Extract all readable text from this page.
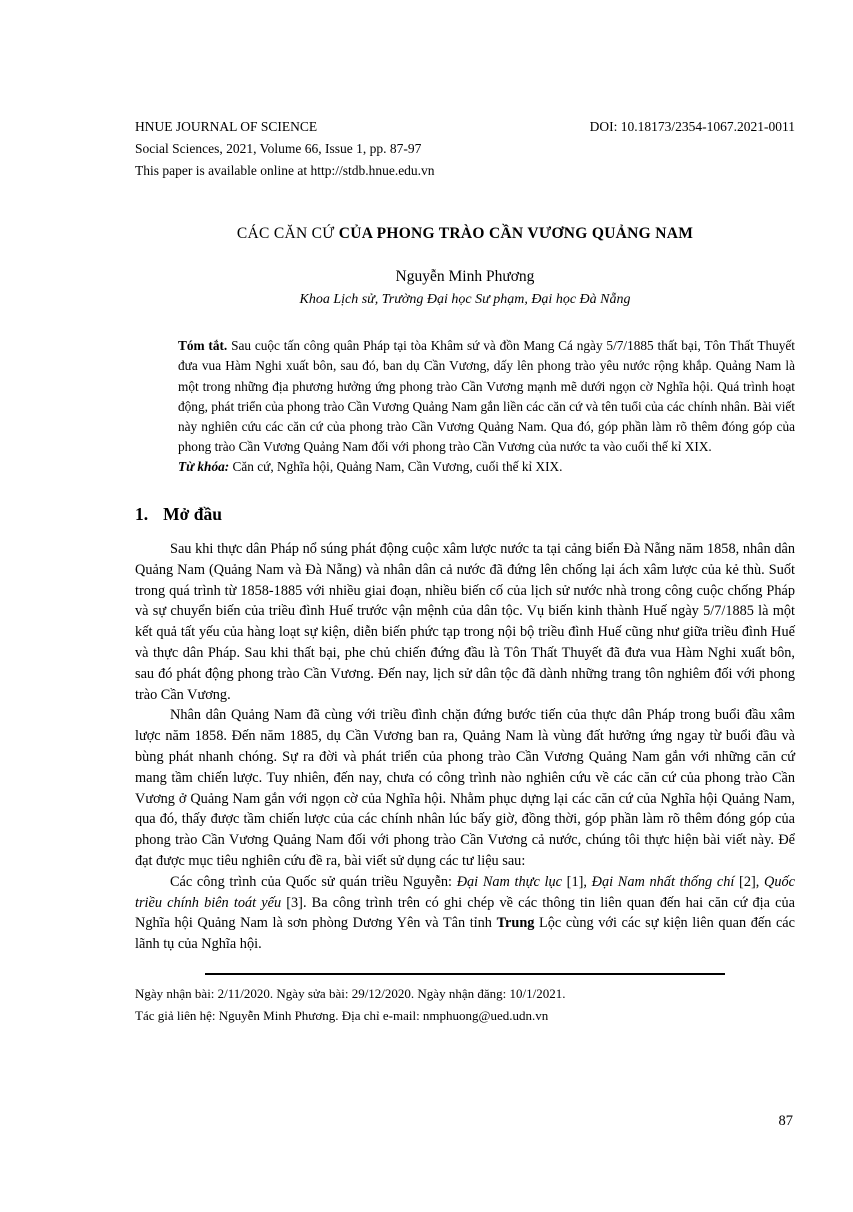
HNUE JOURNAL OF SCIENCE	DOI: 10.18173/2354-1067.2021-0011
Social Sciences, 2021, Volume 66, Issue 1, pp. 87-97
This paper is available online at http://stdb.hnue.edu.vn
CÁC CĂN CỨ CỦA PHONG TRÀO CẦN VƯƠNG QUẢNG NAM
Nguyễn Minh Phương
Khoa Lịch sử, Trường Đại học Sư phạm, Đại học Đà Nẵng
Tóm tắt. Sau cuộc tấn công quân Pháp tại tòa Khâm sứ và đồn Mang Cá ngày 5/7/1885 thất bại, Tôn Thất Thuyết đưa vua Hàm Nghi xuất bôn, sau đó, ban dụ Cần Vương, dấy lên phong trào yêu nước rộng khắp. Quảng Nam là một trong những địa phương hưởng ứng phong trào Cần Vương mạnh mẽ dưới ngọn cờ Nghĩa hội. Quá trình hoạt động, phát triển của phong trào Cần Vương Quảng Nam gắn liền các căn cứ và tên tuổi của các chính nhân. Bài viết này nghiên cứu các căn cứ của phong trào Cần Vương Quảng Nam. Qua đó, góp phần làm rõ thêm đóng góp của phong trào Cần Vương Quảng Nam đối với phong trào Cần Vương của nước ta vào cuối thế kỉ XIX.
Từ khóa: Căn cứ, Nghĩa hội, Quảng Nam, Cần Vương, cuối thế kỉ XIX.
1. Mở đầu

Sau khi thực dân Pháp nổ súng phát động cuộc xâm lược nước ta tại cảng biển Đà Nẵng năm 1858, nhân dân Quảng Nam (Quảng Nam và Đà Nẵng) và nhân dân cả nước đã đứng lên chống lại ách xâm lược của kẻ thù. Suốt trong quá trình từ 1858-1885 với nhiều giai đoạn, nhiều biến cố của lịch sử nước nhà trong công cuộc chống Pháp và sự chuyển biến của triều đình Huế trước vận mệnh của dân tộc. Vụ biến kinh thành Huế ngày 5/7/1885 là một kết quả tất yếu của hàng loạt sự kiện, diễn biến phức tạp trong nội bộ triều đình Huế cũng như giữa triều đình Huế và thực dân Pháp. Sau khi thất bại, phe chủ chiến đứng đầu là Tôn Thất Thuyết đã đưa vua Hàm Nghi xuất bôn, sau đó phát động phong trào Cần Vương. Đến nay, lịch sử dân tộc đã dành những trang tôn nghiêm đối với phong trào Cần Vương.

Nhân dân Quảng Nam đã cùng với triều đình chặn đứng bước tiến của thực dân Pháp trong buổi đầu xâm lược năm 1858. Đến năm 1885, dụ Cần Vương ban ra, Quảng Nam là vùng đất hưởng ứng ngay từ buổi đầu và bùng phát nhanh chóng. Sự ra đời và phát triển của phong trào Cần Vương Quảng Nam gắn với những căn cứ mang tầm chiến lược. Tuy nhiên, đến nay, chưa có công trình nào nghiên cứu về các căn cứ của phong trào Cần Vương ở Quảng Nam gắn với ngọn cờ của Nghĩa hội. Nhằm phục dựng lại các căn cứ của Nghĩa hội Quảng Nam, qua đó, thấy được tầm chiến lược của các chính nhân lúc bấy giờ, đồng thời, góp phần làm rõ thêm đóng góp của phong trào Cần Vương Quảng Nam đối với phong trào Cần Vương cả nước, chúng tôi thực hiện bài viết này. Để đạt được mục tiêu nghiên cứu đề ra, bài viết sử dụng các tư liệu sau:

Các công trình của Quốc sử quán triều Nguyễn: Đại Nam thực lục [1], Đại Nam nhất thống chí [2], Quốc triều chính biên toát yếu [3]. Ba công trình trên có ghi chép về các thông tin liên quan đến hai căn cứ địa của Nghĩa hội Quảng Nam là sơn phòng Dương Yên và Tân tỉnh Trung Lộc cùng với các sự kiện liên quan đến các lãnh tụ của Nghĩa hội.

Ngày nhận bài: 2/11/2020. Ngày sửa bài: 29/12/2020. Ngày nhận đăng: 10/1/2021.
Tác giả liên hệ: Nguyễn Minh Phương. Địa chỉ e-mail: nmphuong@ued.udn.vn
87
